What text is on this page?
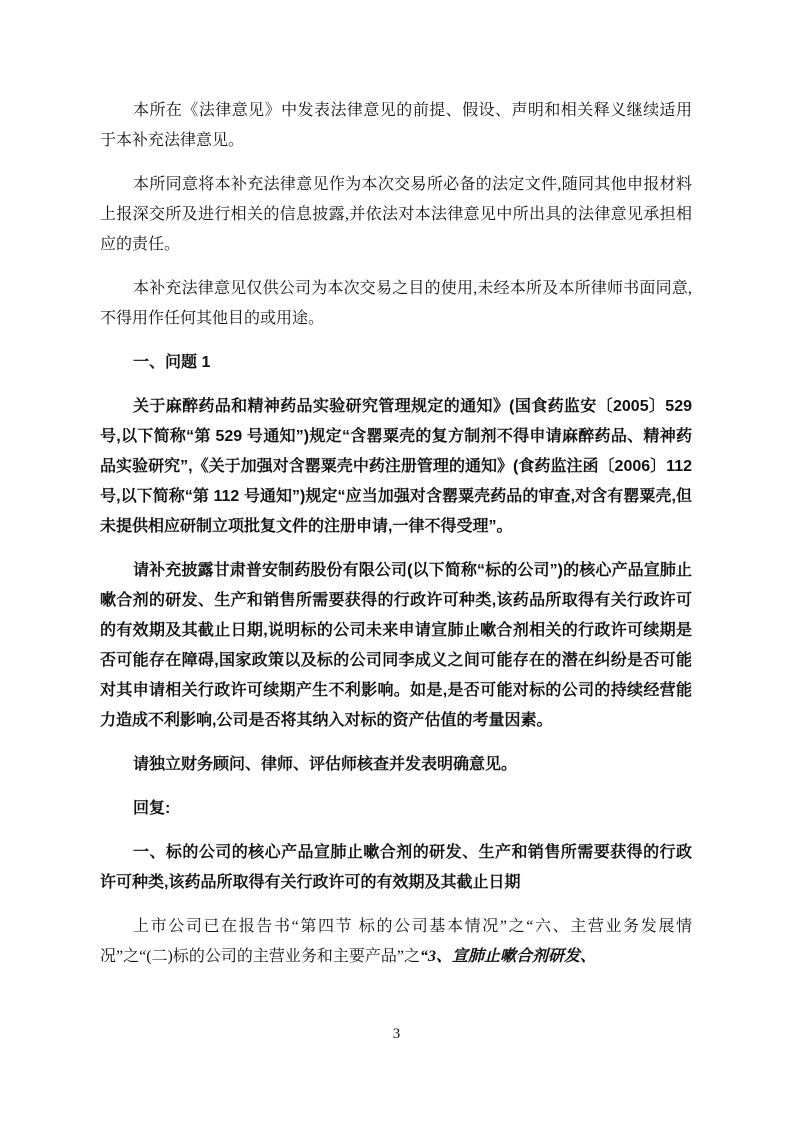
本所在《法律意见》中发表法律意见的前提、假设、声明和相关释义继续适用于本补充法律意见。

本所同意将本补充法律意见作为本次交易所必备的法定文件,随同其他申报材料上报深交所及进行相关的信息披露,并依法对本法律意见中所出具的法律意见承担相应的责任。

本补充法律意见仅供公司为本次交易之目的使用,未经本所及本所律师书面同意,不得用作任何其他目的或用途。

一、问题 1

关于麻醉药品和精神药品实验研究管理规定的通知》(国食药监安〔2005〕529 号,以下简称“第 529 号通知”)规定“含罂粟壳的复方制剂不得申请麻醉药品、精神药品实验研究”,《关于加强对含罂粟壳中药注册管理的通知》(食药监注函〔2006〕112 号,以下简称“第 112 号通知”)规定“应当加强对含罂粟壳药品的审查,对含有罂粟壳,但未提供相应研制立项批复文件的注册申请,一律不得受理”。

请补充披露甘肃普安制药股份有限公司(以下简称“标的公司”)的核心产品宣肺止嗽合剂的研发、生产和销售所需要获得的行政许可种类,该药品所取得有关行政许可的有效期及其截止日期,说明标的公司未来申请宣肺止嗽合剂相关的行政许可续期是否可能存在障碍,国家政策以及标的公司同李成义之间可能存在的潜在纠纷是否可能对其申请相关行政许可续期产生不利影响。如是,是否可能对标的公司的持续经营能力造成不利影响,公司是否将其纳入对标的资产估值的考量因素。

请独立财务顾问、律师、评估师核查并发表明确意见。

回复:

一、标的公司的核心产品宣肺止嗽合剂的研发、生产和销售所需要获得的行政许可种类,该药品所取得有关行政许可的有效期及其截止日期

上市公司已在报告书“第四节 标的公司基本情况”之“六、主营业务发展情况”之“(二)标的公司的主营业务和主要产品”之“3、宣肺止嗽合剂研发、

3
